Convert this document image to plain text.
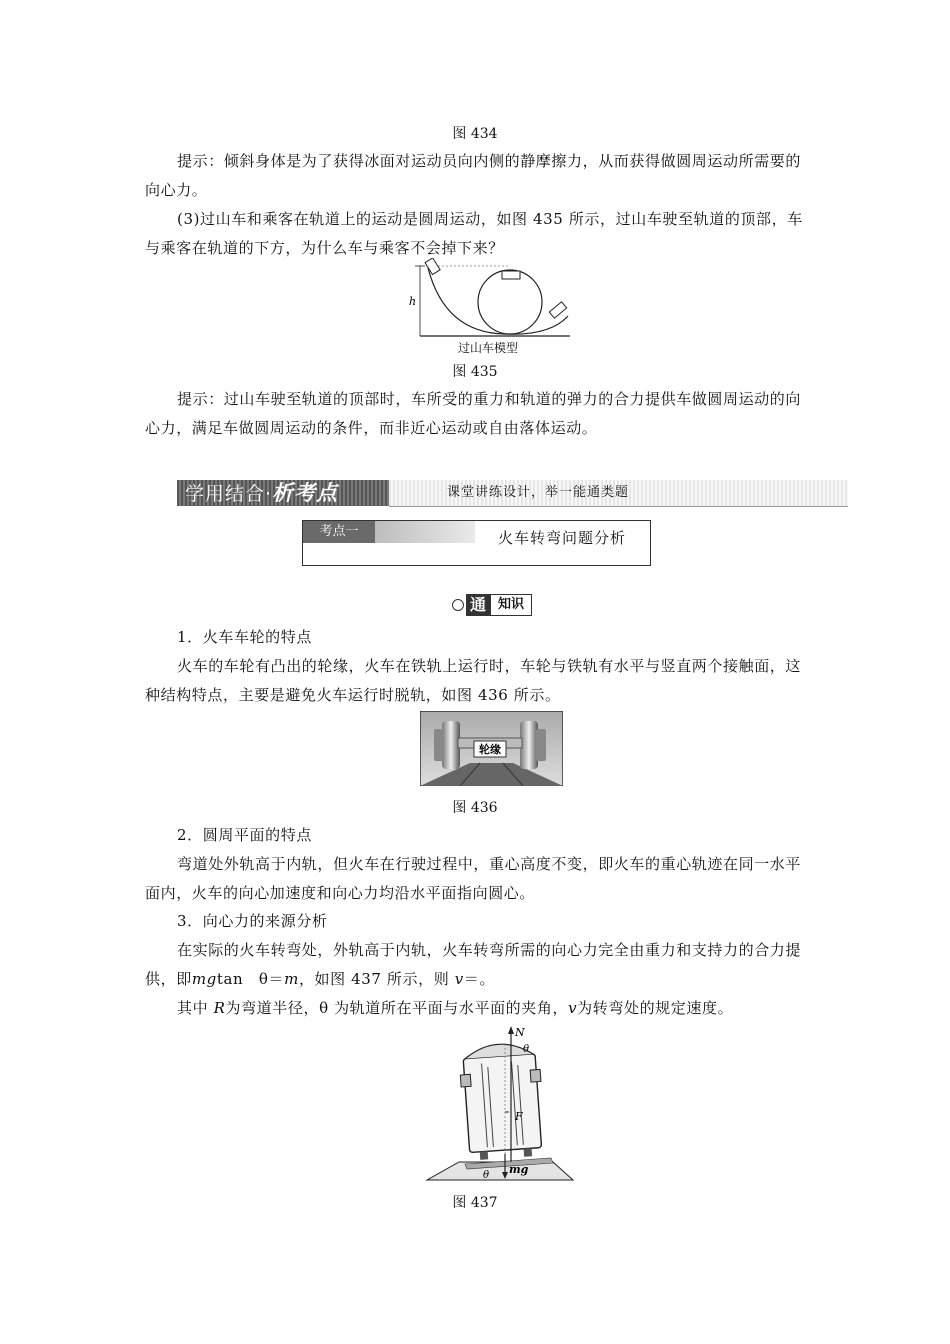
图 434
提示：倾斜身体是为了获得冰面对运动员向内侧的静摩擦力，从而获得做圆周运动所需要的向心力。
(3)过山车和乘客在轨道上的运动是圆周运动，如图 435 所示，过山车驶至轨道的顶部，车与乘客在轨道的下方，为什么车与乘客不会掉下来？
h
过山车模型
图 435
提示：过山车驶至轨道的顶部时，车所受的重力和轨道的弹力的合力提供车做圆周运动的向心力，满足车做圆周运动的条件，而非近心运动或自由落体运动。
学用结合·析考点	课堂讲练设计，举一能通类题
考点一	火车转弯问题分析
通 知识
1．火车车轮的特点
火车的车轮有凸出的轮缘，火车在铁轨上运行时，车轮与铁轨有水平与竖直两个接触面，这种结构特点，主要是避免火车运行时脱轨，如图 436 所示。
轮缘
图 436
2．圆周平面的特点
弯道处外轨高于内轨，但火车在行驶过程中，重心高度不变，即火车的重心轨迹在同一水平面内，火车的向心加速度和向心力均沿水平面指向圆心。
3．向心力的来源分析
在实际的火车转弯处，外轨高于内轨，火车转弯所需的向心力完全由重力和支持力的合力提供，即mgtan　θ＝m，如图 437 所示，则 v＝。
其中 R为弯道半径，θ 为轨道所在平面与水平面的夹角，v为转弯处的规定速度。
N
θ
F
mg
θ
图 437
